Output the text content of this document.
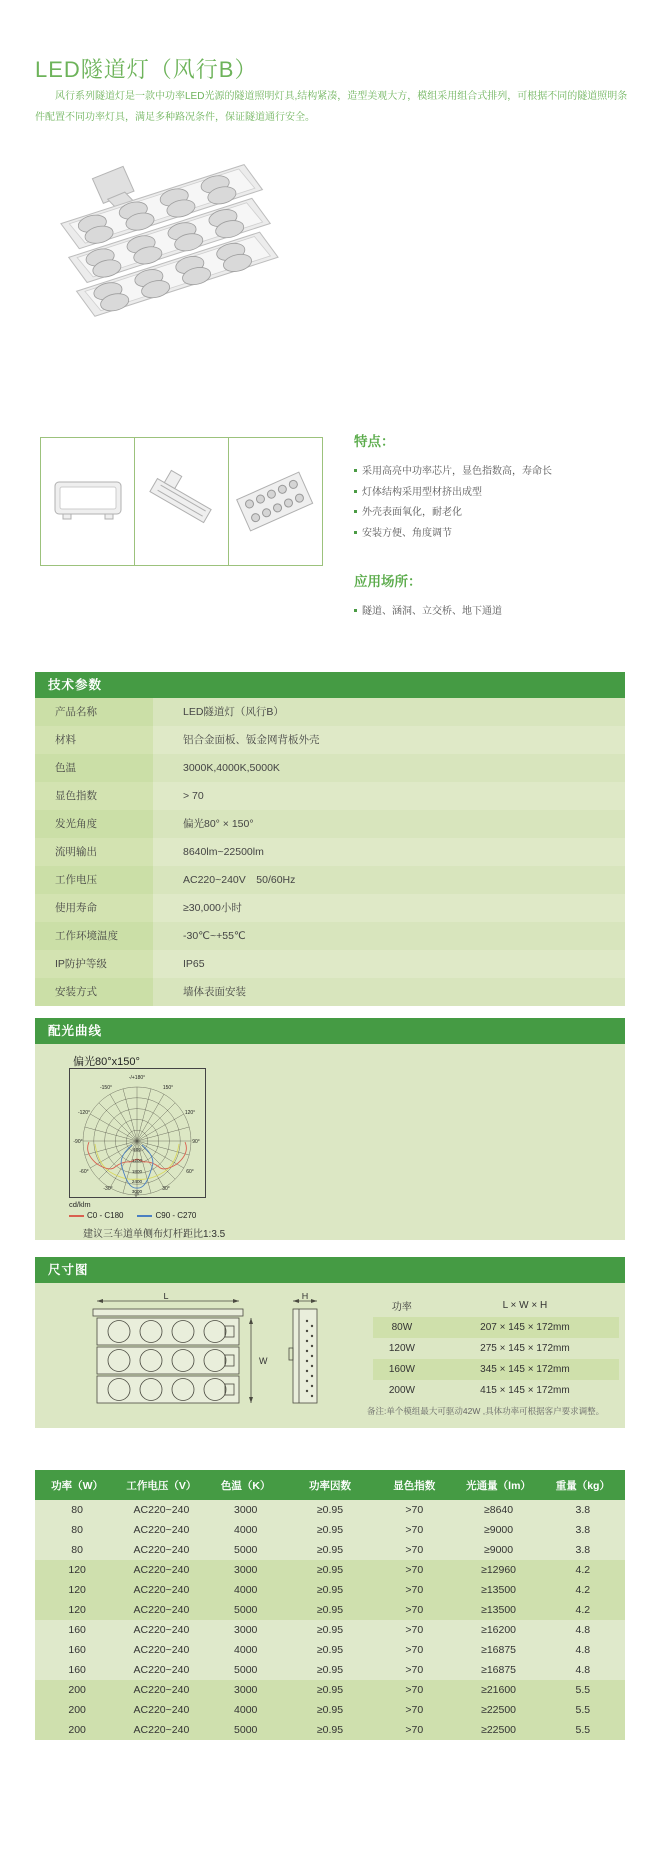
LED隧道灯（风行B）

风行系列隧道灯是一款中功率LED光源的隧道照明灯具,结构紧凑，造型美观大方，模组采用组合式排列，可根据不同的隧道照明条件配置不同功率灯具，满足多种路况条件，保证隧道通行安全。

特点：
采用高亮中功率芯片，显色指数高，寿命长
灯体结构采用型材挤出成型
外壳表面氧化，耐老化
安装方便、角度调节
应用场所：
隧道、涵洞、立交桥、地下通道
技术参数
产品名称	LED隧道灯（风行B）
材料	铝合金面板、钣金网背板外壳
色温	3000K,4000K,5000K
显色指数	> 70
发光角度	偏光80° × 150°
流明输出	8640lm~22500lm
工作电压	AC220~240V　50/60Hz
使用寿命	≥30,000小时
工作环境温度	-30℃~+55℃
IP防护等级	IP65
安装方式	墙体表面安装
配光曲线
偏光80°x150°
-/+180°
-150°	150°
-120°	120°
-90°	90°
-60°	60°
-30°	30°
0°
600
1200
1800
2400
3000
cd/klm
C0 - C180	C90 - C270
建议三车道单侧布灯杆距比1:3.5
尺寸图
L
W
H
功率	L × W × H
80W	207 × 145 × 172mm
120W	275 × 145 × 172mm
160W	345 × 145 × 172mm
200W	415 × 145 × 172mm
备注:单个模组最大可驱动42W ,具体功率可根据客户要求调整。
功率（W）	工作电压（V）	色温（K）	功率因数	显色指数	光通量（lm）	重量（kg）
80	AC220~240	3000	≥0.95	>70	≥8640	3.8
80	AC220~240	4000	≥0.95	>70	≥9000	3.8
80	AC220~240	5000	≥0.95	>70	≥9000	3.8
120	AC220~240	3000	≥0.95	>70	≥12960	4.2
120	AC220~240	4000	≥0.95	>70	≥13500	4.2
120	AC220~240	5000	≥0.95	>70	≥13500	4.2
160	AC220~240	3000	≥0.95	>70	≥16200	4.8
160	AC220~240	4000	≥0.95	>70	≥16875	4.8
160	AC220~240	5000	≥0.95	>70	≥16875	4.8
200	AC220~240	3000	≥0.95	>70	≥21600	5.5
200	AC220~240	4000	≥0.95	>70	≥22500	5.5
200	AC220~240	5000	≥0.95	>70	≥22500	5.5
